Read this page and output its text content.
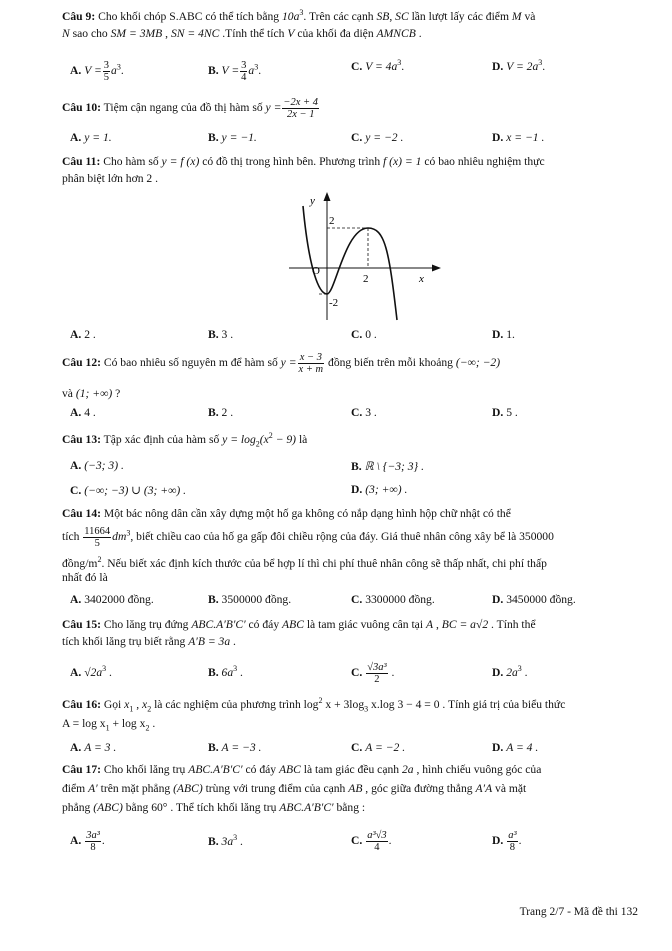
Câu 9: Cho khối chóp S.ABC có thể tích bằng $10a^3$. Trên các cạnh SB, SC lần lượt lấy các điểm M và
N sao cho SM = 3MB , SN = 4NC .Tính thể tích V của khối đa diện AMNCB .
A. $V = \frac{3}{5} a^3$.	B. $V = \frac{3}{4} a^3$.	C. $V = 4a^3$.	D. $V = 2a^3$.
Câu 10: Tiệm cận ngang của đồ thị hàm số $y = \frac{-2x + 4}{2x - 1}$
A. y = 1.	B. y = −1.	C. y = −2 .	D. x = −1 .
Câu 11: Cho hàm số y = f (x) có đồ thị trong hình bên. Phương trình f (x) = 1 có bao nhiêu nghiệm thực
phân biệt lớn hơn 2 .
y
x
O
2
-2
2
A. 2 .	B. 3 .	C. 0 .	D. 1.
Câu 12: Có bao nhiêu số nguyên m để hàm số $y = \frac{x - 3}{x + m}$ đồng biến trên mỗi khoảng (−∞; −2)
và (1; +∞) ?
A. 4 .	B. 2 .	C. 3 .	D. 5 .
Câu 13: Tập xác định của hàm số $y = \log_2(x^2 - 9)$ là
A. (−3; 3) .	B. ℝ \ {−3; 3} .
C. (−∞; −3) ∪ (3; +∞) .	D. (3; +∞) .
Câu 14: Một bác nông dân cần xây dựng một hố ga không có nắp dạng hình hộp chữ nhật có thể
tích $\frac{11664}{5} dm^3$, biết chiều cao của hố ga gấp đôi chiều rộng của đáy. Giá thuê nhân công xây bể là 350000
đồng/$m^2$. Nếu biết xác định kích thước của bể hợp lí thì chi phí thuê nhân công sẽ thấp nhất, chi phí thấp
nhất đó là
A. 3402000 đồng.	B. 3500000 đồng.	C. 3300000 đồng.	D. 3450000 đồng.
Câu 15: Cho lăng trụ đứng ABC.A′B′C′ có đáy ABC là tam giác vuông cân tại A , BC = a√2 . Tính thể
tích khối lăng trụ biết rằng A′B = 3a .
A. $√2a^3$ .	B. $6a^3$ .	C. $\frac{\text{√3a³}}{2}$ .	D. $2a^3$ .
Câu 16: Gọi $x_1$ , $x_2$ là các nghiệm của phương trình $\log^2 x + 3\log_3$ x.log 3 − 4 = 0 . Tính giá trị của biểu thức
$A = \log x_1 + \log x_2$ .
A. A = 3 .	B. A = −3 .	C. A = −2 .	D. A = 4 .
Câu 17: Cho khối lăng trụ ABC.A′B′C′ có đáy ABC là tam giác đều cạnh 2a , hình chiếu vuông góc của
điểm A′ trên mặt phẳng (ABC) trùng với trung điểm của cạnh AB , góc giữa đường thẳng A′A và mặt
phẳng (ABC) bằng 60° . Thể tích khối lăng trụ ABC.A′B′C′ bằng :
A. $\frac{\text{3a³}}{8}$ .	B. $3a^3$ .	C. $\frac{\text{a³√3}}{4}$ .	D. $\frac{\text{a³}}{8}$ .
Trang 2/7 - Mã đề thi 132
